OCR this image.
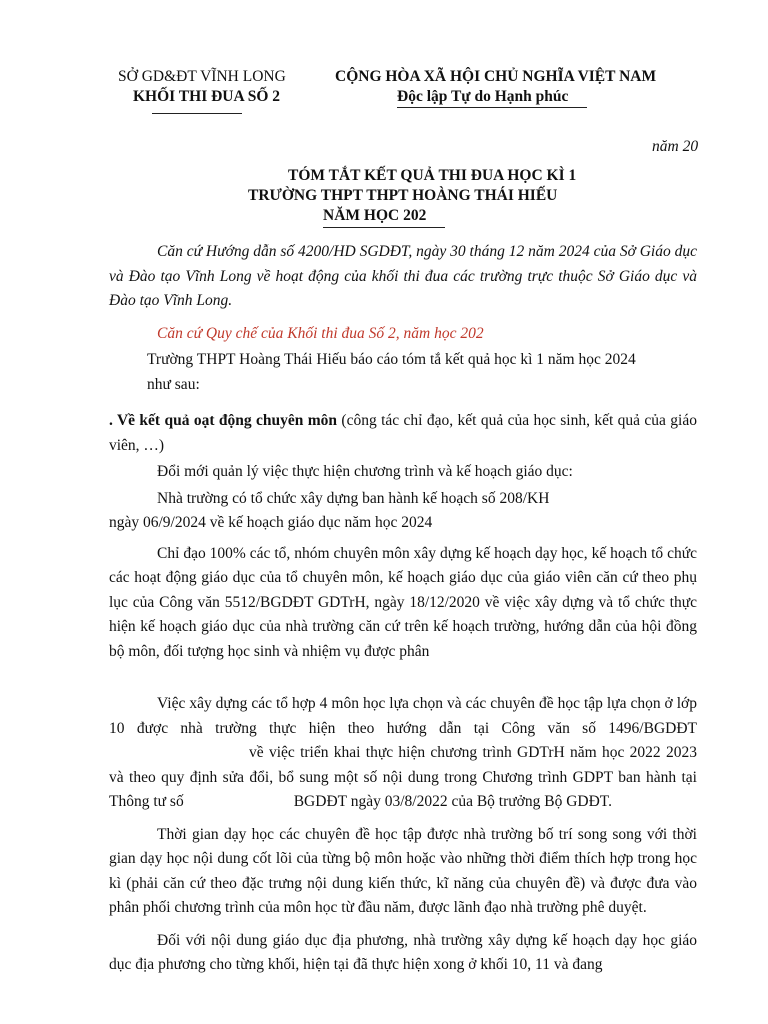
SỞ GD&ĐT VĨNH LONG
KHỐI THI ĐUA SỐ 2
CỘNG HÒA XÃ HỘI CHỦ NGHĨA VIỆT NAM
Độc lập Tự do Hạnh phúc
năm 20
TÓM TẮT KẾT QUẢ THI ĐUA HỌC KÌ 1
TRƯỜNG THPT THPT HOÀNG THÁI HIẾU
NĂM HỌC 202

Căn cứ Hướng dẫn số 4200/HD SGDĐT, ngày 30 tháng 12 năm 2024 của Sở Giáo dục và Đào tạo Vĩnh Long về hoạt động của khối thi đua các trường trực thuộc Sở Giáo dục và Đào tạo Vĩnh Long.

Căn cứ Quy chế của Khối thi đua Số 2, năm học 202

Trường THPT Hoàng Thái Hiếu báo cáo tóm tắ kết quả học kì 1 năm học 2024

như sau:

. Về kết quả oạt động chuyên môn (công tác chỉ đạo, kết quả của học sinh, kết quả của giáo viên, …)

Đổi mới quản lý việc thực hiện chương trình và kế hoạch giáo dục:

Nhà trường có tổ chức xây dựng ban hành kế hoạch số 208/KH

ngày 06/9/2024 về kế hoạch giáo dục năm học 2024

Chỉ đạo 100% các tổ, nhóm chuyên môn xây dựng kế hoạch dạy học, kế hoạch tổ chức các hoạt động giáo dục của tổ chuyên môn, kế hoạch giáo dục của giáo viên căn cứ theo phụ lục của Công văn 5512/BGDĐT GDTrH, ngày 18/12/2020 về việc xây dựng và tổ chức thực hiện kế hoạch giáo dục của nhà trường căn cứ trên kế hoạch trường, hướng dẫn của hội đồng bộ môn, đối tượng học sinh và nhiệm vụ được phân

Việc xây dựng các tổ hợp 4 môn học lựa chọn và các chuyên đề học tập lựa chọn ở lớp 10 được nhà trường thực hiện theo hướng dẫn tại Công văn số 1496/BGDĐTvề việc triển khai thực hiện chương trình GDTrH năm học 2022 2023 và theo quy định sửa đổi, bổ sung một số nội dung trong Chương trình GDPT ban hành tại Thông tư số	BGDĐT ngày 03/8/2022 của Bộ trưởng Bộ GDĐT.

Thời gian dạy học các chuyên đề học tập được nhà trường bố trí song song với thời gian dạy học nội dung cốt lõi của từng bộ môn hoặc vào những thời điểm thích hợp trong học kì (phải căn cứ theo đặc trưng nội dung kiến thức, kĩ năng của chuyên đề) và được đưa vào phân phối chương trình của môn học từ đầu năm, được lãnh đạo nhà trường phê duyệt.

Đối với nội dung giáo dục địa phương, nhà trường xây dựng kế hoạch dạy học giáo dục địa phương cho từng khối, hiện tại đã thực hiện xong ở khối 10, 11 và đang
